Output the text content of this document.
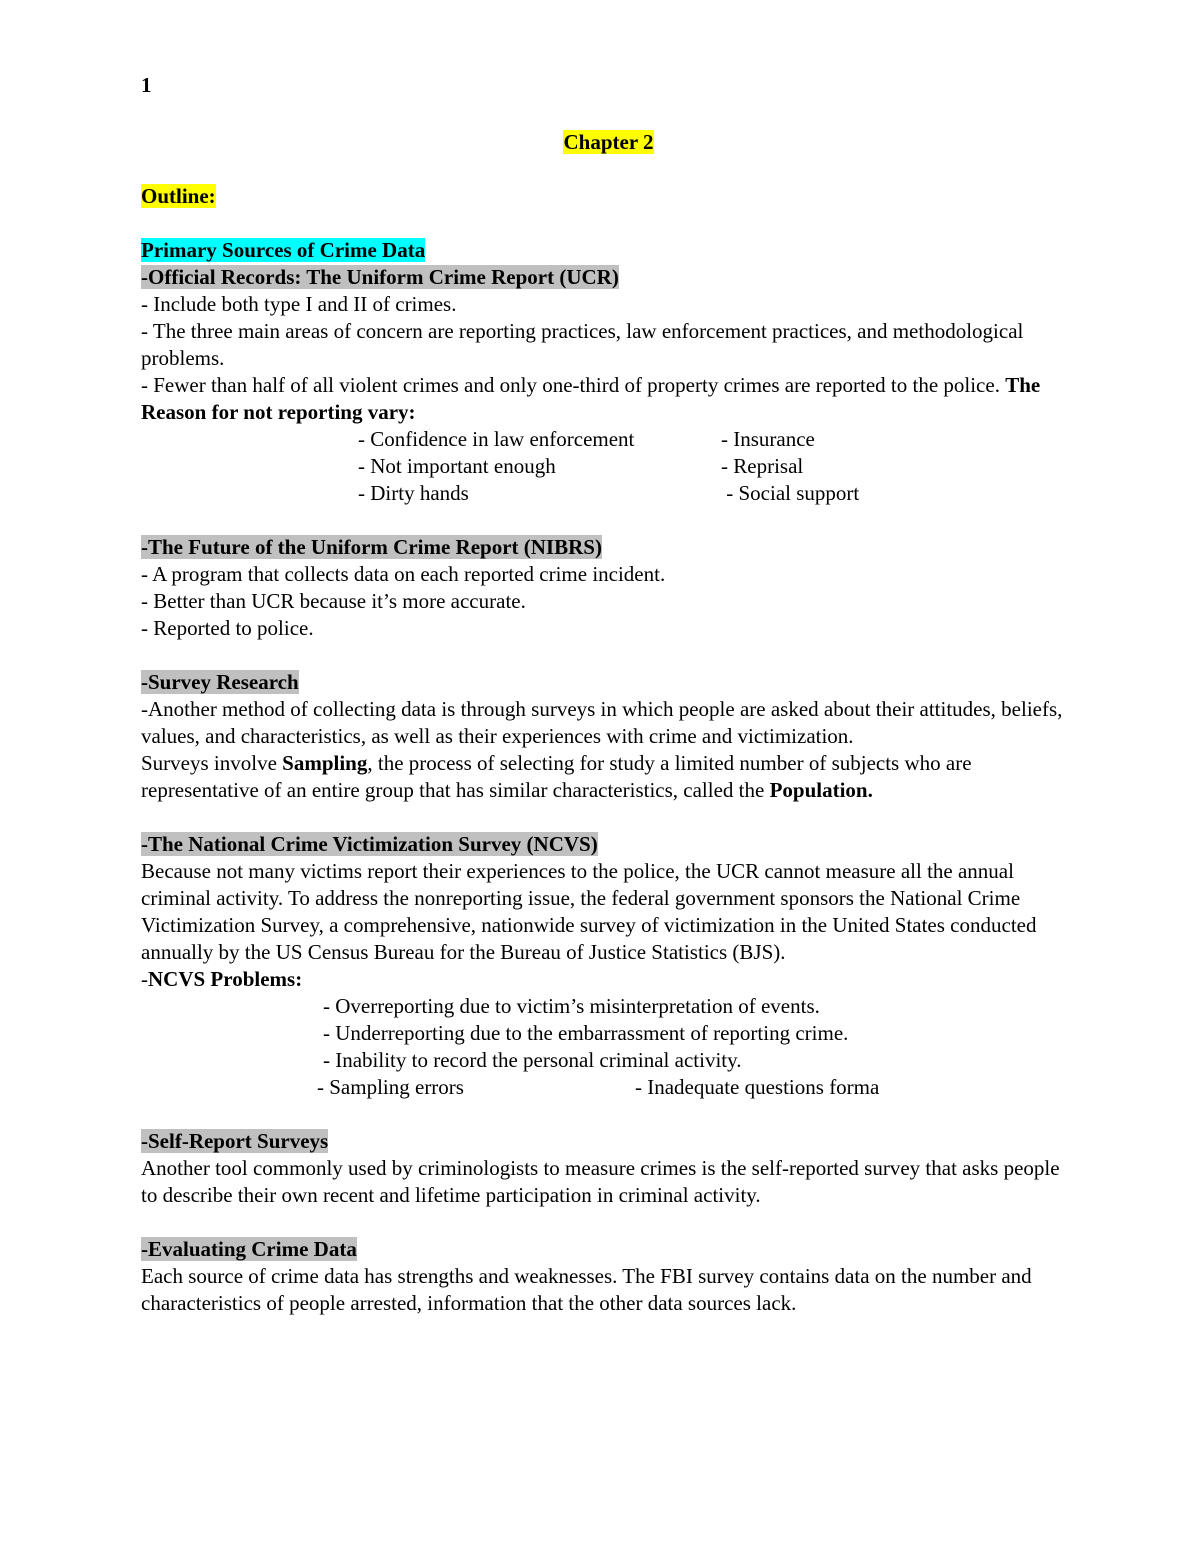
1
Chapter 2
Outline:
Primary Sources of Crime Data
-Official Records: The Uniform Crime Report (UCR)
- Include both type I and II of crimes.
- The three main areas of concern are reporting practices, law enforcement practices, and methodological problems.
- Fewer than half of all violent crimes and only one-third of property crimes are reported to the police. The Reason for not reporting vary:
- Confidence in law enforcement	- Insurance
- Not important enough	- Reprisal
- Dirty hands	- Social support
-The Future of the Uniform Crime Report (NIBRS)
- A program that collects data on each reported crime incident.
- Better than UCR because it’s more accurate.
- Reported to police.
-Survey Research
-Another method of collecting data is through surveys in which people are asked about their attitudes, beliefs, values, and characteristics, as well as their experiences with crime and victimization.
Surveys involve Sampling, the process of selecting for study a limited number of subjects who are representative of an entire group that has similar characteristics, called the Population.
-The National Crime Victimization Survey (NCVS)
Because not many victims report their experiences to the police, the UCR cannot measure all the annual criminal activity. To address the nonreporting issue, the federal government sponsors the National Crime Victimization Survey, a comprehensive, nationwide survey of victimization in the United States conducted annually by the US Census Bureau for the Bureau of Justice Statistics (BJS).
-NCVS Problems:
- Overreporting due to victim’s misinterpretation of events.
- Underreporting due to the embarrassment of reporting crime.
- Inability to record the personal criminal activity.
- Sampling errors	- Inadequate questions forma
-Self-Report Surveys
Another tool commonly used by criminologists to measure crimes is the self-reported survey that asks people to describe their own recent and lifetime participation in criminal activity.
-Evaluating Crime Data
Each source of crime data has strengths and weaknesses. The FBI survey contains data on the number and characteristics of people arrested, information that the other data sources lack.
